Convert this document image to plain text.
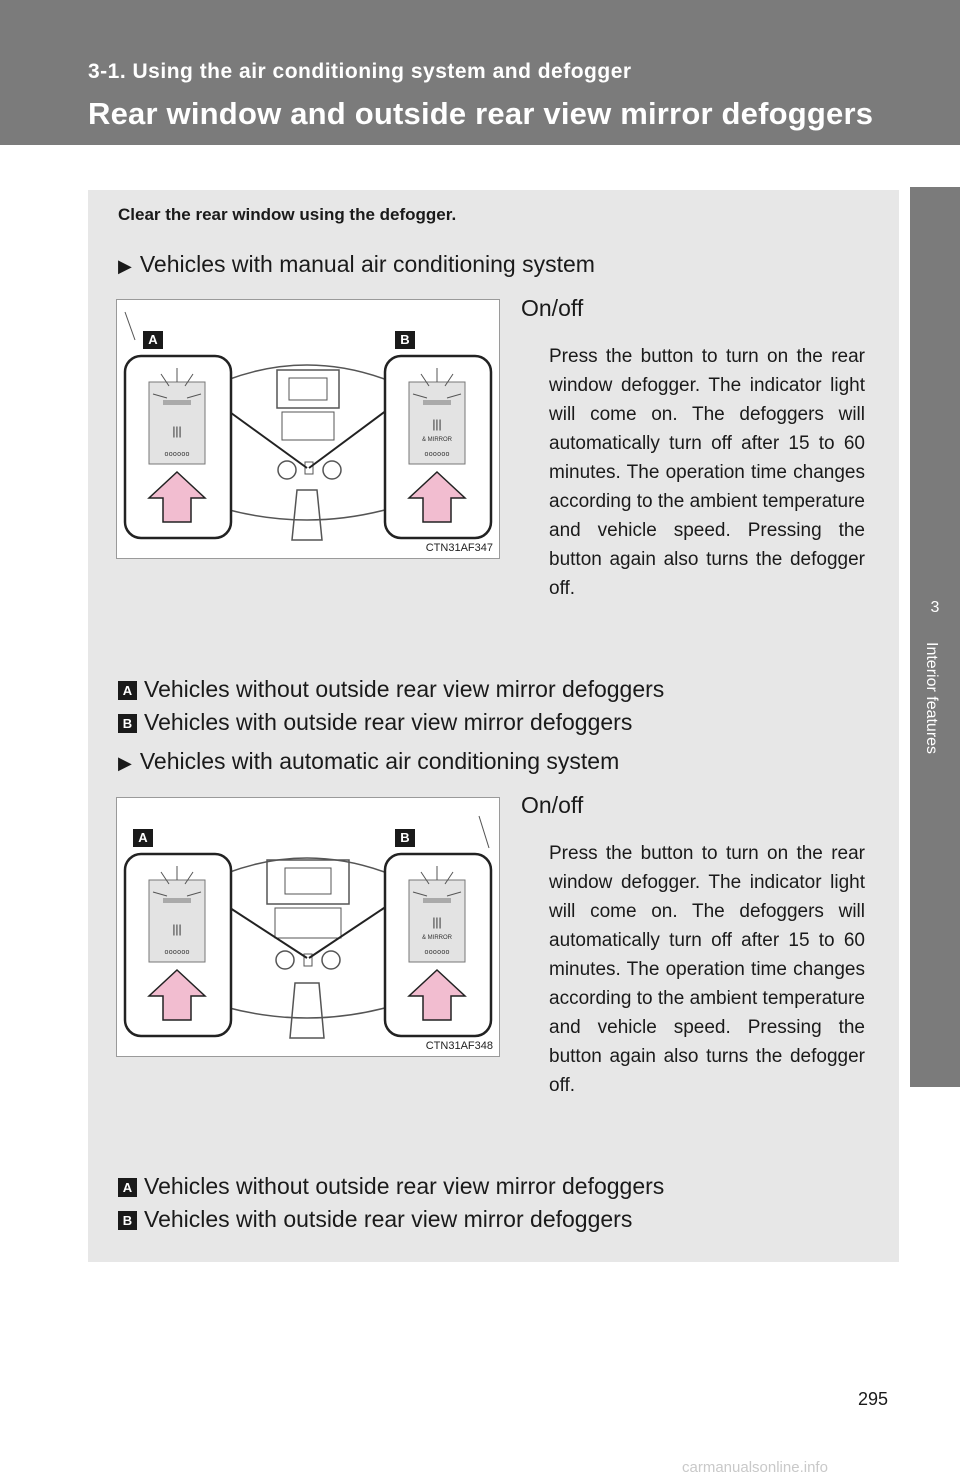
3-1. Using the air conditioning system and defogger
Rear window and outside rear view mirror defoggers
3
Interior features
Clear the rear window using the defogger.
▶ Vehicles with manual air conditioning system
|||
oooooo
|||
& MIRROR
oooooo
A	B
CTN31AF347
On/off
Press the button to turn on the rear window defogger. The indicator light will come on. The defoggers will automatically turn off after 15 to 60 minutes. The operation time changes according to the ambient temperature and vehicle speed. Pressing the button again also turns the defogger off.
A Vehicles without outside rear view mirror defoggers
B Vehicles with outside rear view mirror defoggers
▶ Vehicles with automatic air conditioning system
|||
oooooo
|||
& MIRROR
oooooo
A	B
CTN31AF348
On/off
Press the button to turn on the rear window defogger. The indicator light will come on. The defoggers will automatically turn off after 15 to 60 minutes. The operation time changes according to the ambient temperature and vehicle speed. Pressing the button again also turns the defogger off.
A Vehicles without outside rear view mirror defoggers
B Vehicles with outside rear view mirror defoggers
295
carmanualsonline.info
